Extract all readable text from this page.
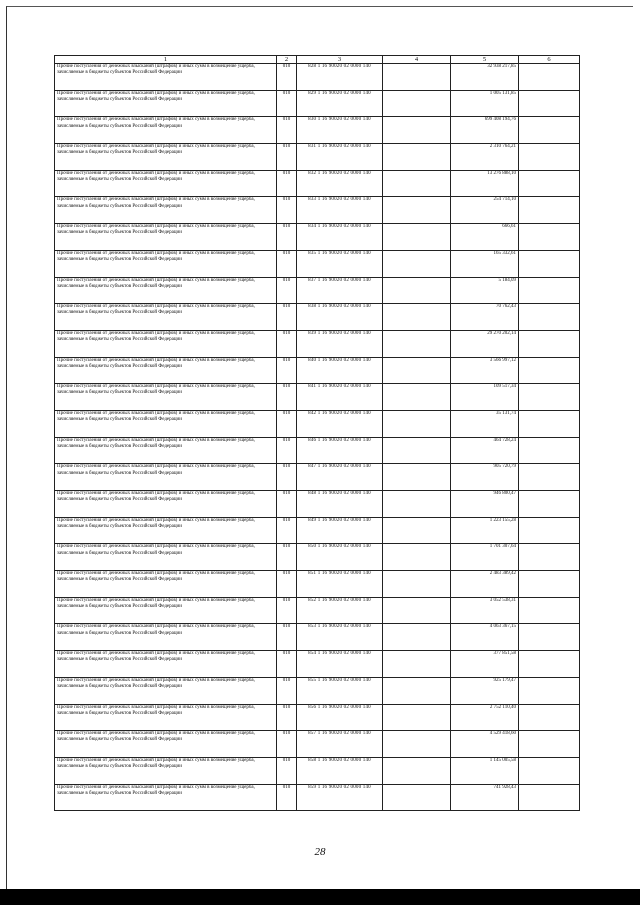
1	2	3	4	5	6
Прочие поступления от денежных взысканий (штрафов) и иных сумм в возмещение ущерба, зачисляемые в бюджеты субъектов Российской Федерации	010	828 1 16 90020 02 0000 140		32 938 217,85	
Прочие поступления от денежных взысканий (штрафов) и иных сумм в возмещение ущерба, зачисляемые в бюджеты субъектов Российской Федерации	010	829 1 16 90020 02 0000 140		1 005 131,85	
Прочие поступления от денежных взысканий (штрафов) и иных сумм в возмещение ущерба, зачисляемые в бюджеты субъектов Российской Федерации	010	830 1 16 90020 02 0000 140		699 408 194,76	
Прочие поступления от денежных взысканий (штрафов) и иных сумм в возмещение ущерба, зачисляемые в бюджеты субъектов Российской Федерации	010	831 1 16 90020 02 0000 140		2 310 764,21	
Прочие поступления от денежных взысканий (штрафов) и иных сумм в возмещение ущерба, зачисляемые в бюджеты субъектов Российской Федерации	010	832 1 16 90020 02 0000 140		13 276 888,10	
Прочие поступления от денежных взысканий (штрафов) и иных сумм в возмещение ущерба, зачисляемые в бюджеты субъектов Российской Федерации	010	833 1 16 90020 02 0000 140		254 714,10	
Прочие поступления от денежных взысканий (штрафов) и иных сумм в возмещение ущерба, зачисляемые в бюджеты субъектов Российской Федерации	010	834 1 16 90020 02 0000 140		666,61	
Прочие поступления от денежных взысканий (штрафов) и иных сумм в возмещение ущерба, зачисляемые в бюджеты субъектов Российской Федерации	010	835 1 16 90020 02 0000 140		165 332,61	
Прочие поступления от денежных взысканий (штрафов) и иных сумм в возмещение ущерба, зачисляемые в бюджеты субъектов Российской Федерации	010	837 1 16 90020 02 0000 140		5 184,09	
Прочие поступления от денежных взысканий (штрафов) и иных сумм в возмещение ущерба, зачисляемые в бюджеты субъектов Российской Федерации	010	838 1 16 90020 02 0000 140		70 762,43	
Прочие поступления от денежных взысканий (штрафов) и иных сумм в возмещение ущерба, зачисляемые в бюджеты субъектов Российской Федерации	010	839 1 16 90020 02 0000 140		29 270 202,14	
Прочие поступления от денежных взысканий (штрафов) и иных сумм в возмещение ущерба, зачисляемые в бюджеты субъектов Российской Федерации	010	840 1 16 90020 02 0000 140		3 566 997,12	
Прочие поступления от денежных взысканий (штрафов) и иных сумм в возмещение ущерба, зачисляемые в бюджеты субъектов Российской Федерации	010	841 1 16 90020 02 0000 140		109 517,34	
Прочие поступления от денежных взысканий (штрафов) и иных сумм в возмещение ущерба, зачисляемые в бюджеты субъектов Российской Федерации	010	842 1 16 90020 02 0000 140		35 131,74	
Прочие поступления от денежных взысканий (штрафов) и иных сумм в возмещение ущерба, зачисляемые в бюджеты субъектов Российской Федерации	010	846 1 16 90020 02 0000 140		464 728,24	
Прочие поступления от денежных взысканий (штрафов) и иных сумм в возмещение ущерба, зачисляемые в бюджеты субъектов Российской Федерации	010	847 1 16 90020 02 0000 140		905 720,79	
Прочие поступления от денежных взысканий (штрафов) и иных сумм в возмещение ущерба, зачисляемые в бюджеты субъектов Российской Федерации	010	848 1 16 90020 02 0000 140		946 800,47	
Прочие поступления от денежных взысканий (штрафов) и иных сумм в возмещение ущерба, зачисляемые в бюджеты субъектов Российской Федерации	010	849 1 16 90020 02 0000 140		1 223 155,28	
Прочие поступления от денежных взысканий (штрафов) и иных сумм в возмещение ущерба, зачисляемые в бюджеты субъектов Российской Федерации	010	850 1 16 90020 02 0000 140		1 701 307,64	
Прочие поступления от денежных взысканий (штрафов) и иных сумм в возмещение ущерба, зачисляемые в бюджеты субъектов Российской Федерации	010	851 1 16 90020 02 0000 140		2 483 389,42	
Прочие поступления от денежных взысканий (штрафов) и иных сумм в возмещение ущерба, зачисляемые в бюджеты субъектов Российской Федерации	010	852 1 16 90020 02 0000 140		3 052 538,31	
Прочие поступления от денежных взысканий (штрафов) и иных сумм в возмещение ущерба, зачисляемые в бюджеты субъектов Российской Федерации	010	853 1 16 90020 02 0000 140		4 063 367,15	
Прочие поступления от денежных взысканий (штрафов) и иных сумм в возмещение ущерба, зачисляемые в бюджеты субъектов Российской Федерации	010	854 1 16 90020 02 0000 140		377 851,58	
Прочие поступления от денежных взысканий (штрафов) и иных сумм в возмещение ущерба, зачисляемые в бюджеты субъектов Российской Федерации	010	855 1 16 90020 02 0000 140		925 179,47	
Прочие поступления от денежных взысканий (штрафов) и иных сумм в возмещение ущерба, зачисляемые в бюджеты субъектов Российской Федерации	010	856 1 16 90020 02 0000 140		2 752 110,40	
Прочие поступления от денежных взысканий (штрафов) и иных сумм в возмещение ущерба, зачисляемые в бюджеты субъектов Российской Федерации	010	857 1 16 90020 02 0000 140		4 529 418,60	
Прочие поступления от денежных взысканий (штрафов) и иных сумм в возмещение ущерба, зачисляемые в бюджеты субъектов Российской Федерации	010	858 1 16 90020 02 0000 140		1 145 005,58	
Прочие поступления от денежных взысканий (штрафов) и иных сумм в возмещение ущерба, зачисляемые в бюджеты субъектов Российской Федерации	010	859 1 16 90020 02 0000 140		741 928,43	
28
